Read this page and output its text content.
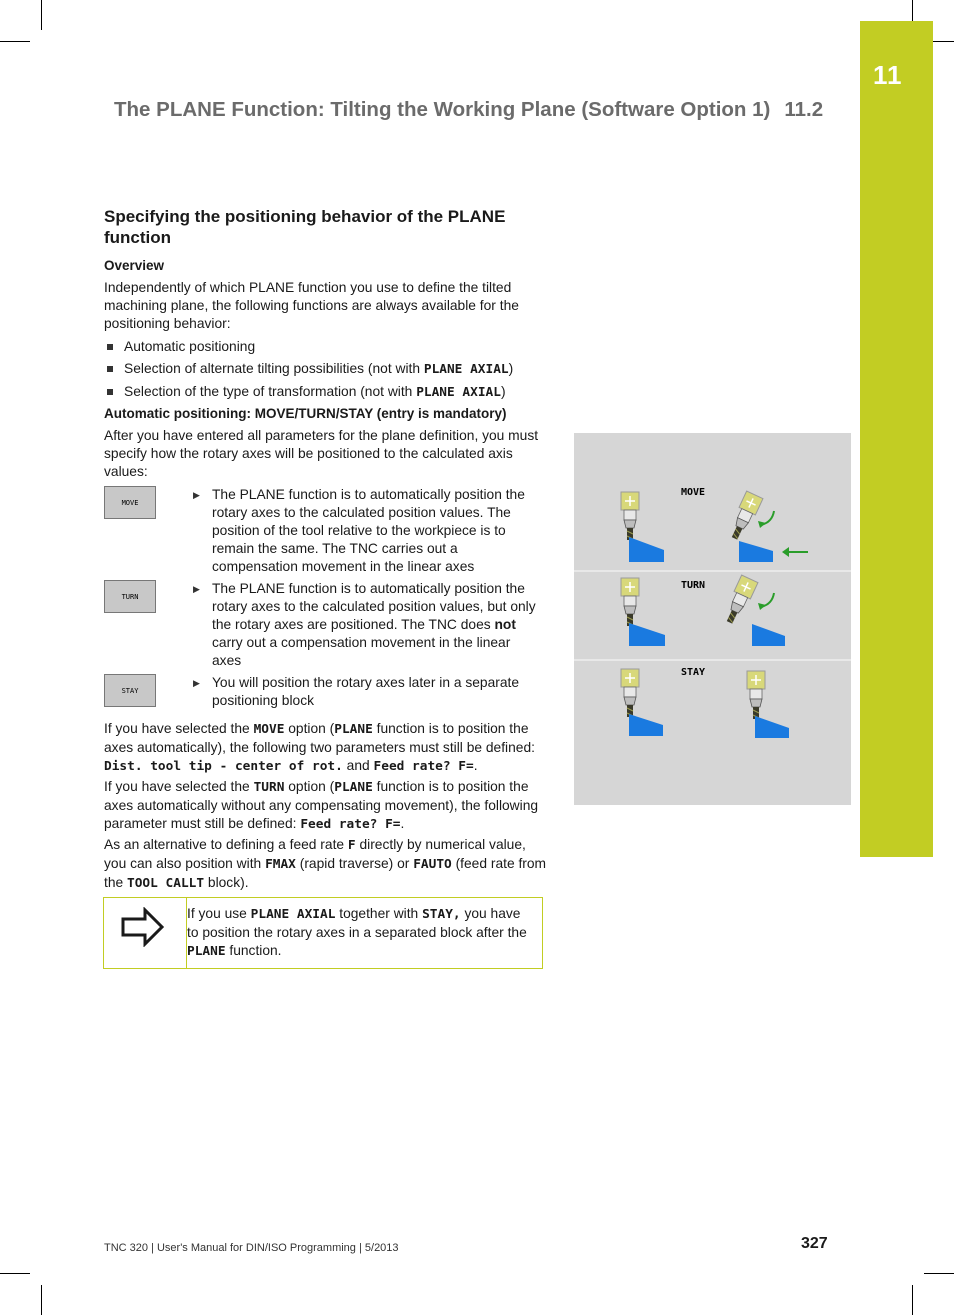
11
The PLANE Function: Tilting the Working Plane (Software Option 1) 11.2
Specifying the positioning behavior of the PLANE function
Overview

Independently of which PLANE function you use to define the tilted machining plane, the following functions are always available for the positioning behavior:

Automatic positioning
Selection of alternate tilting possibilities (not with PLANE AXIAL)
Selection of the type of transformation (not with PLANE AXIAL)
Automatic positioning: MOVE/TURN/STAY (entry is mandatory)

After you have entered all parameters for the plane definition, you must specify how the rotary axes will be positioned to the calculated axis values:

MOVE
▶ The PLANE function is to automatically position the rotary axes to the calculated position values. The position of the tool relative to the workpiece is to remain the same. The TNC carries out a compensation movement in the linear axes
TURN
▶ The PLANE function is to automatically position the rotary axes to the calculated position values, but only the rotary axes are positioned. The TNC does not carry out a compensation movement in the linear axes
STAY
▶ You will position the rotary axes later in a separate positioning block

If you have selected the MOVE option (PLANE function is to position the axes automatically), the following two parameters must still be defined: Dist. tool tip - center of rot. and Feed rate? F=.

If you have selected the TURN option (PLANE function is to position the axes automatically without any compensating movement), the following parameter must still be defined: Feed rate? F=.

As an alternative to defining a feed rate F directly by numerical value, you can also position with FMAX (rapid traverse) or FAUTO (feed rate from the TOOL CALLT block).

If you use PLANE AXIAL together with STAY, you have to position the rotary axes in a separated block after the PLANE function.
MOVE
TURN
STAY
TNC 320 | User's Manual for DIN/ISO Programming | 5/2013	327
